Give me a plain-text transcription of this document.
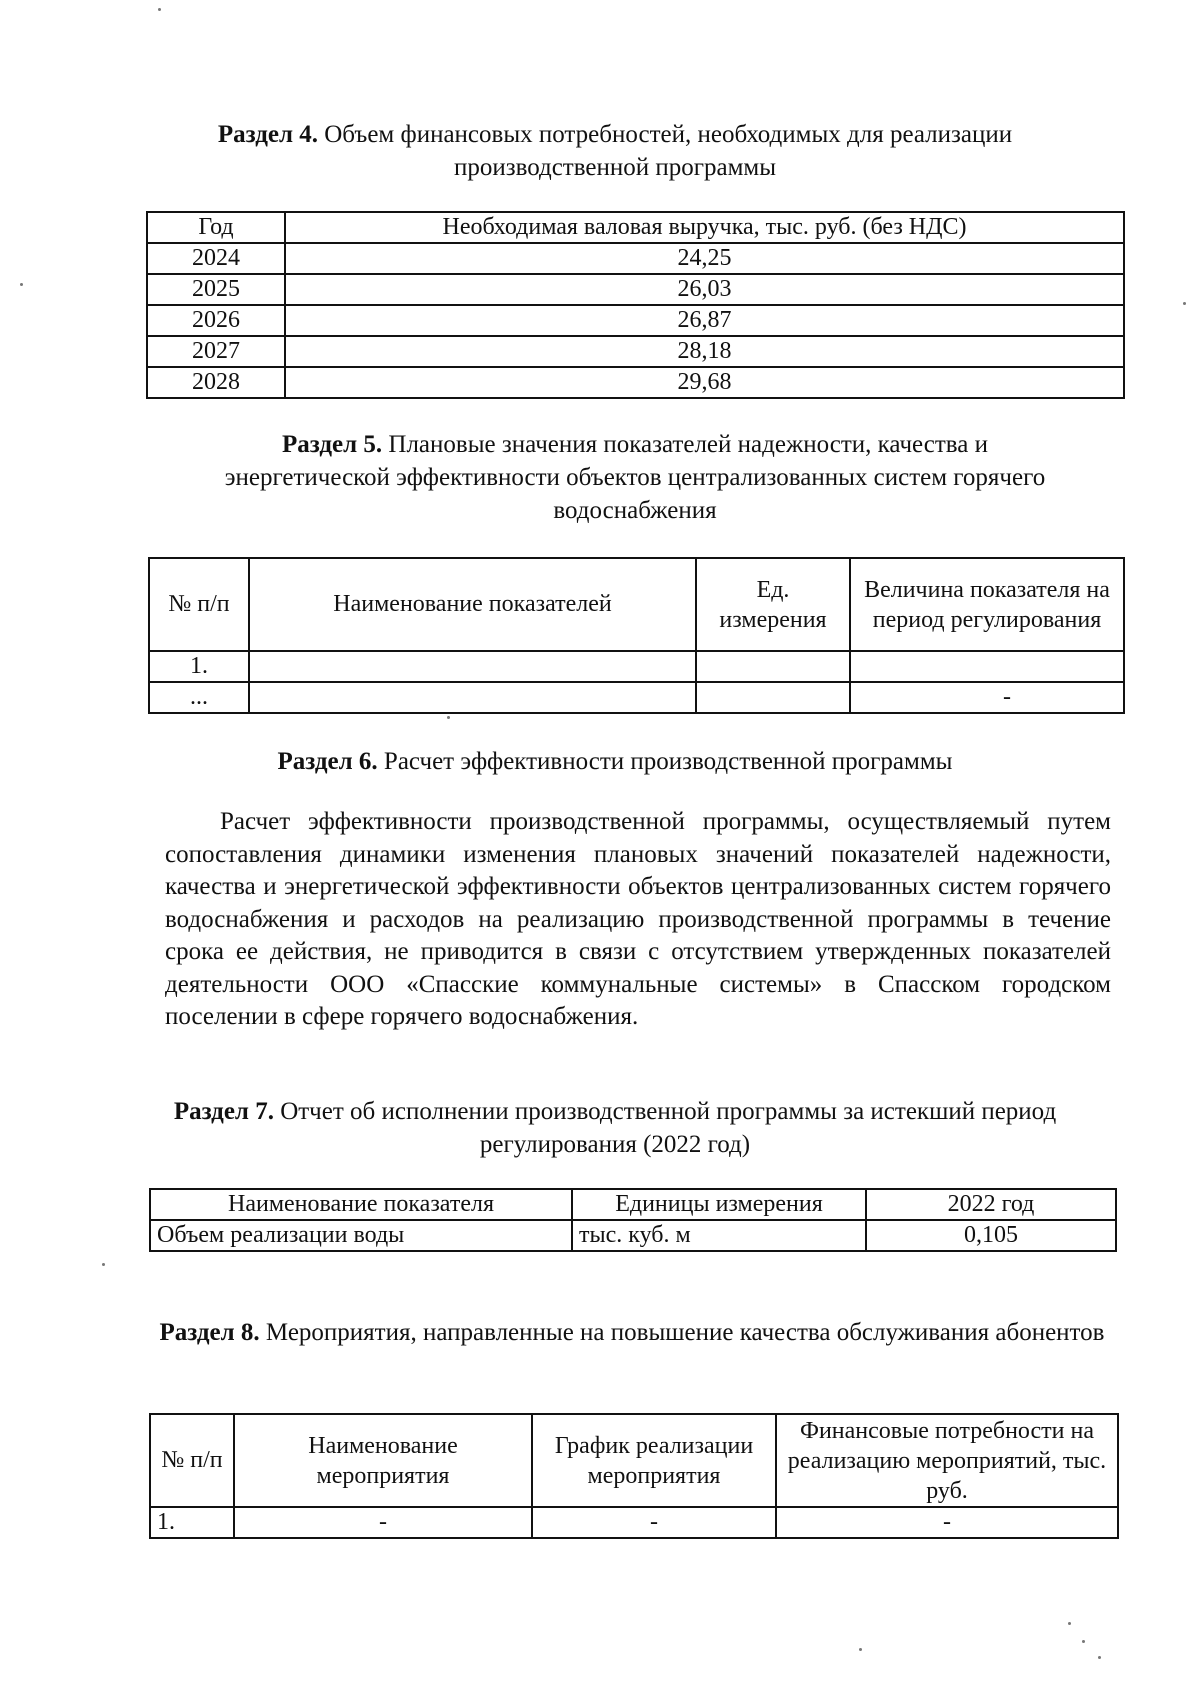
Раздел 4. Объем финансовых потребностей, необходимых для реализации производственной программы
Год	Необходимая валовая выручка, тыс. руб. (без НДС)
2024	24,25
2025	26,03
2026	26,87
2027	28,18
2028	29,68
Раздел 5. Плановые значения показателей надежности, качества и энергетической эффективности объектов централизованных систем горячего водоснабжения
№ п/п	Наименование показателей	Ед. измерения	Величина показателя на период регулирования
1.			
...			-
Раздел 6. Расчет эффективности производственной программы
Расчет эффективности производственной программы, осуществляемый путем сопоставления динамики изменения плановых значений показателей надежности, качества и энергетической эффективности объектов централизованных систем горячего водоснабжения и расходов на реализацию производственной программы в течение срока ее действия, не приводится в связи с отсутствием утвержденных показателей деятельности ООО «Спасские коммунальные системы» в Спасском городском поселении в сфере горячего водоснабжения.
Раздел 7. Отчет об исполнении производственной программы за истекший период регулирования (2022 год)
Наименование показателя	Единицы измерения	2022 год
Объем реализации воды	тыс. куб. м	0,105
Раздел 8. Мероприятия, направленные на повышение качества обслуживания абонентов
№ п/п	Наименование мероприятия	График реализации мероприятия	Финансовые потребности на реализацию мероприятий, тыс. руб.
1.	-	-	-
